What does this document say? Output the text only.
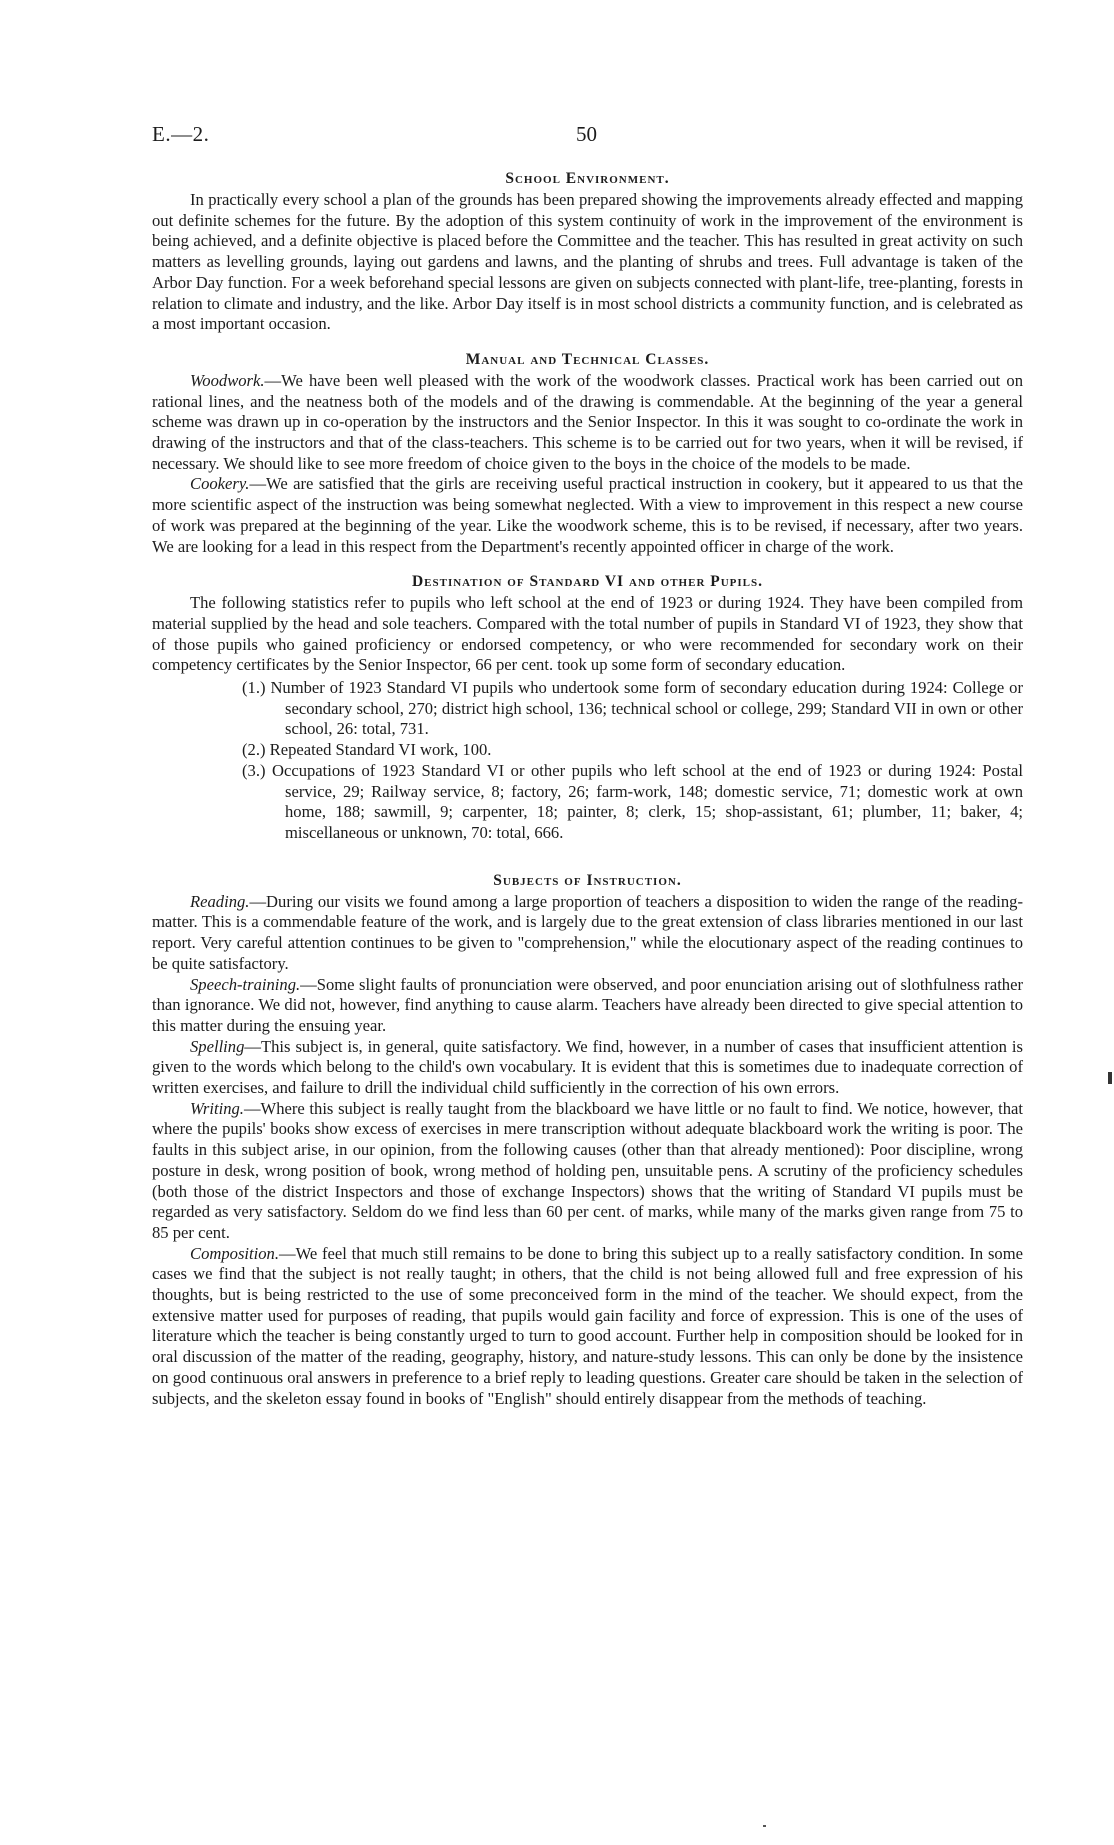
E.—2.	50
School Environment.

In practically every school a plan of the grounds has been prepared showing the improvements already effected and mapping out definite schemes for the future. By the adoption of this system continuity of work in the improvement of the environment is being achieved, and a definite objective is placed before the Committee and the teacher. This has resulted in great activity on such matters as levelling grounds, laying out gardens and lawns, and the planting of shrubs and trees. Full advantage is taken of the Arbor Day function. For a week beforehand special lessons are given on subjects connected with plant-life, tree-planting, forests in relation to climate and industry, and the like. Arbor Day itself is in most school districts a community function, and is celebrated as a most important occasion.

Manual and Technical Classes.

Woodwork.—We have been well pleased with the work of the woodwork classes. Practical work has been carried out on rational lines, and the neatness both of the models and of the drawing is commendable. At the beginning of the year a general scheme was drawn up in co-operation by the instructors and the Senior Inspector. In this it was sought to co-ordinate the work in drawing of the instructors and that of the class-teachers. This scheme is to be carried out for two years, when it will be revised, if necessary. We should like to see more freedom of choice given to the boys in the choice of the models to be made.

Cookery.—We are satisfied that the girls are receiving useful practical instruction in cookery, but it appeared to us that the more scientific aspect of the instruction was being somewhat neglected. With a view to improvement in this respect a new course of work was prepared at the beginning of the year. Like the woodwork scheme, this is to be revised, if necessary, after two years. We are looking for a lead in this respect from the Department's recently appointed officer in charge of the work.

Destination of Standard VI and other Pupils.

The following statistics refer to pupils who left school at the end of 1923 or during 1924. They have been compiled from material supplied by the head and sole teachers. Compared with the total number of pupils in Standard VI of 1923, they show that of those pupils who gained proficiency or endorsed competency, or who were recommended for secondary work on their competency certificates by the Senior Inspector, 66 per cent. took up some form of secondary education.

(1.) Number of 1923 Standard VI pupils who undertook some form of secondary education during 1924: College or secondary school, 270; district high school, 136; technical school or college, 299; Standard VII in own or other school, 26: total, 731.
(2.) Repeated Standard VI work, 100.
(3.) Occupations of 1923 Standard VI or other pupils who left school at the end of 1923 or during 1924: Postal service, 29; Railway service, 8; factory, 26; farm-work, 148; domestic service, 71; domestic work at own home, 188; sawmill, 9; carpenter, 18; painter, 8; clerk, 15; shop-assistant, 61; plumber, 11; baker, 4; miscellaneous or unknown, 70: total, 666.
Subjects of Instruction.

Reading.—During our visits we found among a large proportion of teachers a disposition to widen the range of the reading-matter. This is a commendable feature of the work, and is largely due to the great extension of class libraries mentioned in our last report. Very careful attention continues to be given to "comprehension," while the elocutionary aspect of the reading continues to be quite satisfactory.

Speech-training.—Some slight faults of pronunciation were observed, and poor enunciation arising out of slothfulness rather than ignorance. We did not, however, find anything to cause alarm. Teachers have already been directed to give special attention to this matter during the ensuing year.

Spelling—This subject is, in general, quite satisfactory. We find, however, in a number of cases that insufficient attention is given to the words which belong to the child's own vocabulary. It is evident that this is sometimes due to inadequate correction of written exercises, and failure to drill the individual child sufficiently in the correction of his own errors.

Writing.—Where this subject is really taught from the blackboard we have little or no fault to find. We notice, however, that where the pupils' books show excess of exercises in mere transcription without adequate blackboard work the writing is poor. The faults in this subject arise, in our opinion, from the following causes (other than that already mentioned): Poor discipline, wrong posture in desk, wrong position of book, wrong method of holding pen, unsuitable pens. A scrutiny of the proficiency schedules (both those of the district Inspectors and those of exchange Inspectors) shows that the writing of Standard VI pupils must be regarded as very satisfactory. Seldom do we find less than 60 per cent. of marks, while many of the marks given range from 75 to 85 per cent.

Composition.—We feel that much still remains to be done to bring this subject up to a really satisfactory condition. In some cases we find that the subject is not really taught; in others, that the child is not being allowed full and free expression of his thoughts, but is being restricted to the use of some preconceived form in the mind of the teacher. We should expect, from the extensive matter used for purposes of reading, that pupils would gain facility and force of expression. This is one of the uses of literature which the teacher is being constantly urged to turn to good account. Further help in composition should be looked for in oral discussion of the matter of the reading, geography, history, and nature-study lessons. This can only be done by the insistence on good continuous oral answers in preference to a brief reply to leading questions. Greater care should be taken in the selection of subjects, and the skeleton essay found in books of "English" should entirely disappear from the methods of teaching.
